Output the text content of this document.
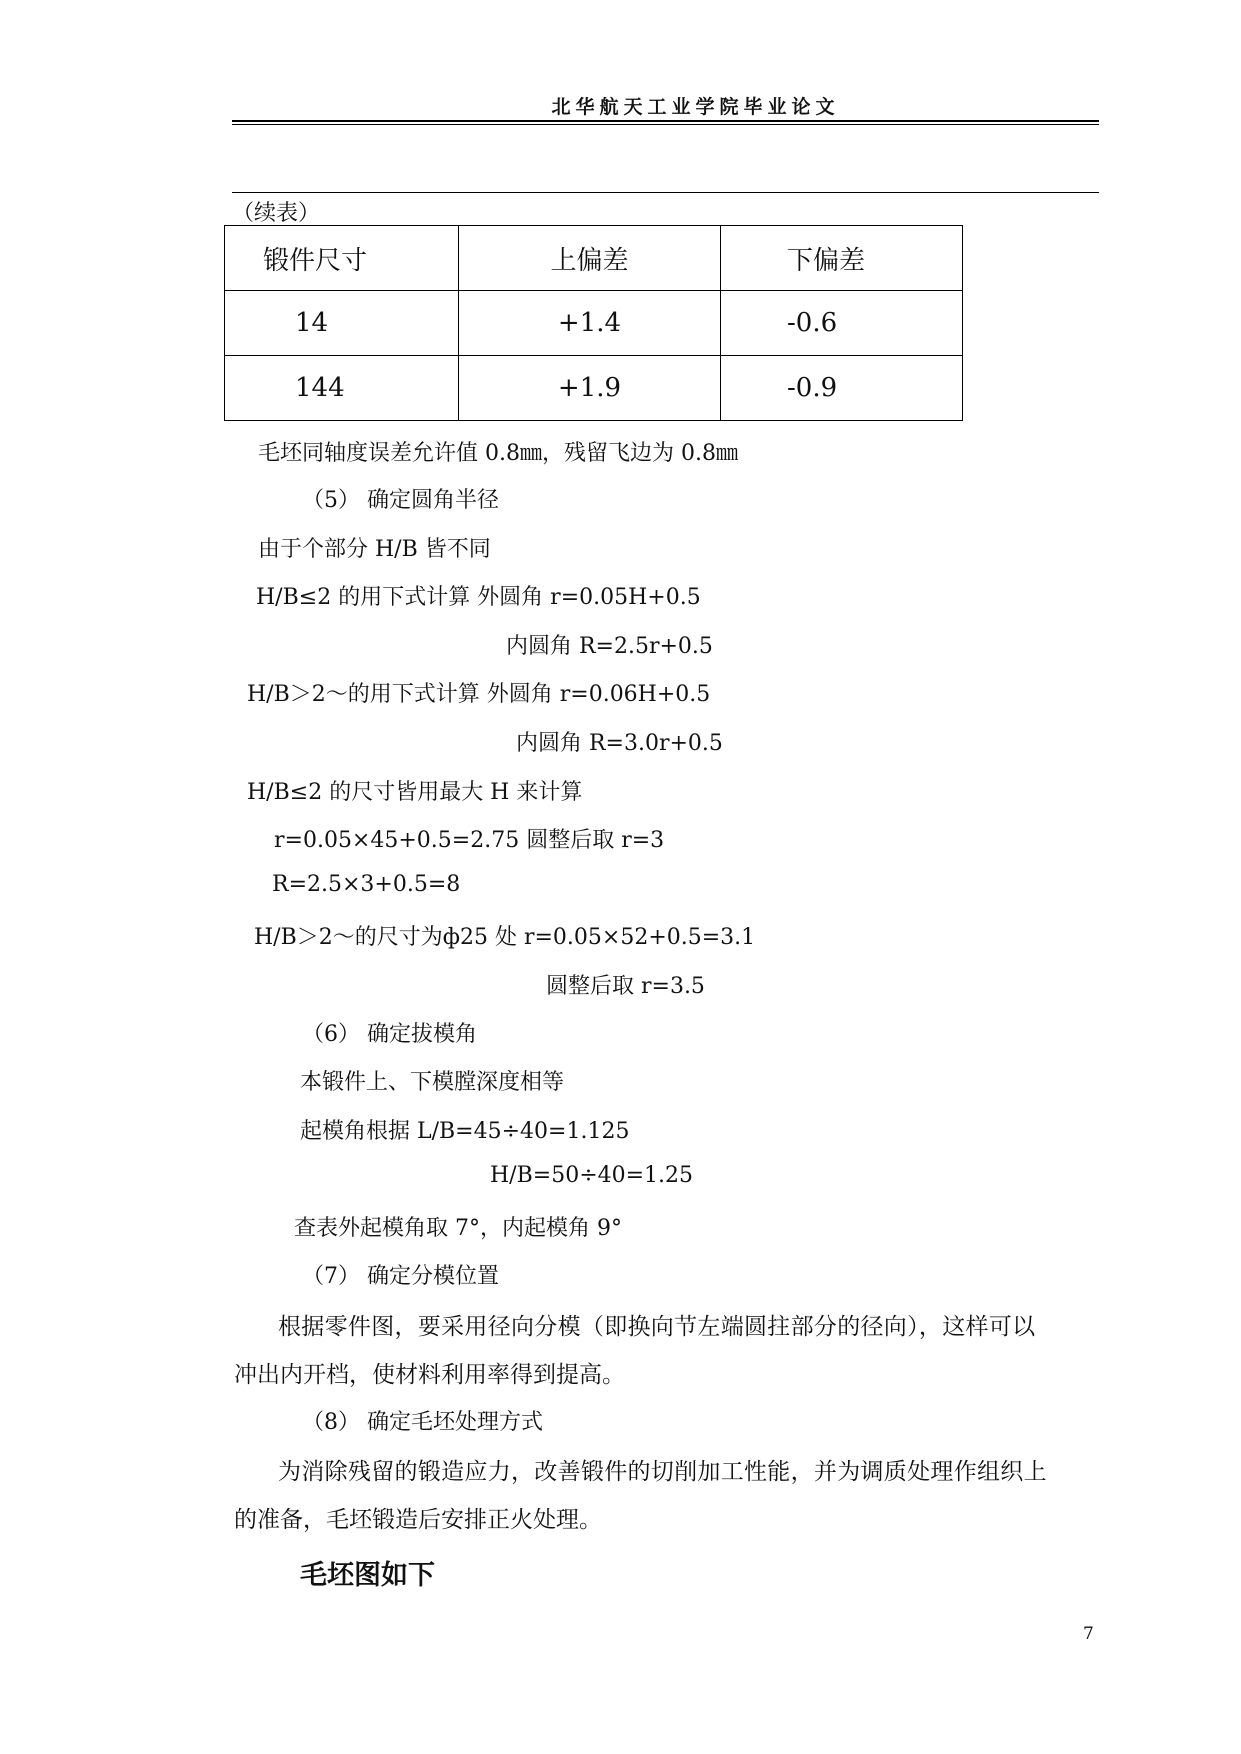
北华航天工业学院毕业论文
（续表）
锻件尺寸	上偏差	下偏差
14	+1.4	-0.6
144	+1.9	-0.9
毛坯同轴度误差允许值 0.8㎜，残留飞边为 0.8㎜
（5） 确定圆角半径
由于个部分 H/B 皆不同
H/B≤2 的用下式计算 外圆角 r=0.05H+0.5
内圆角 R=2.5r+0.5
H/B＞2～的用下式计算 外圆角 r=0.06H+0.5
内圆角 R=3.0r+0.5
H/B≤2 的尺寸皆用最大 H 来计算
r=0.05×45+0.5=2.75 圆整后取 r=3
R=2.5×3+0.5=8
H/B＞2～的尺寸为ф25 处 r=0.05×52+0.5=3.1
圆整后取 r=3.5
（6） 确定拔模角
本锻件上、下模膛深度相等
起模角根据 L/B=45÷40=1.125
H/B=50÷40=1.25
查表外起模角取 7°，内起模角 9°
（7） 确定分模位置
根据零件图，要采用径向分模（即换向节左端圆拄部分的径向），这样可以
冲出内开档，使材料利用率得到提高。
（8） 确定毛坯处理方式
为消除残留的锻造应力，改善锻件的切削加工性能，并为调质处理作组织上
的准备，毛坯锻造后安排正火处理。
毛坯图如下
7
